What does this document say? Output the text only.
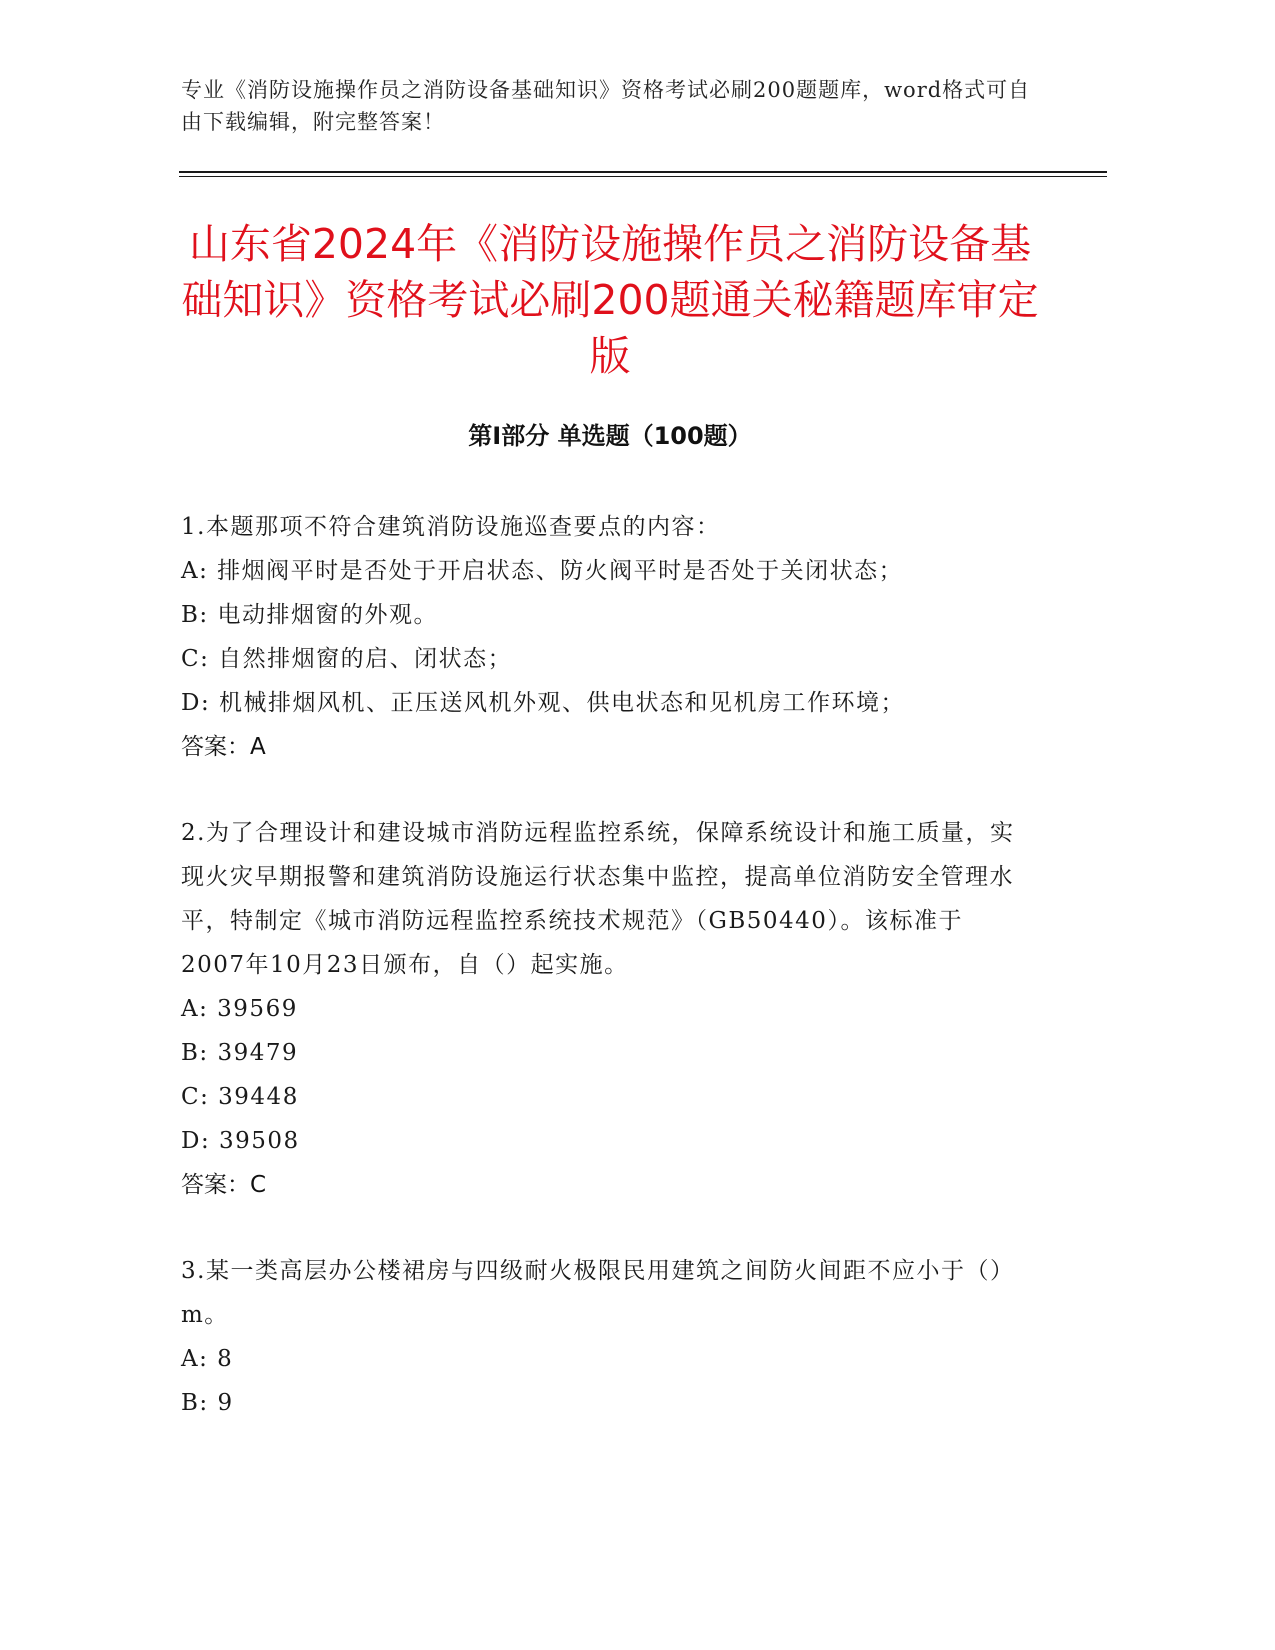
专业《消防设施操作员之消防设备基础知识》资格考试必刷200题题库，word格式可自由下载编辑，附完整答案！
山东省2024年《消防设施操作员之消防设备基础知识》资格考试必刷200题通关秘籍题库审定版
第I部分 单选题（100题）

1.本题那项不符合建筑消防设施巡查要点的内容：

A: 排烟阀平时是否处于开启状态、防火阀平时是否处于关闭状态；

B: 电动排烟窗的外观。

C: 自然排烟窗的启、闭状态；

D: 机械排烟风机、正压送风机外观、供电状态和见机房工作环境；

答案：A

2.为了合理设计和建设城市消防远程监控系统，保障系统设计和施工质量，实现火灾早期报警和建筑消防设施运行状态集中监控，提高单位消防安全管理水平，特制定《城市消防远程监控系统技术规范》（GB50440）。该标准于2007年10月23日颁布，自（）起实施。

A: 39569

B: 39479

C: 39448

D: 39508

答案：C

3.某一类高层办公楼裙房与四级耐火极限民用建筑之间防火间距不应小于（）m。

A: 8

B: 9
